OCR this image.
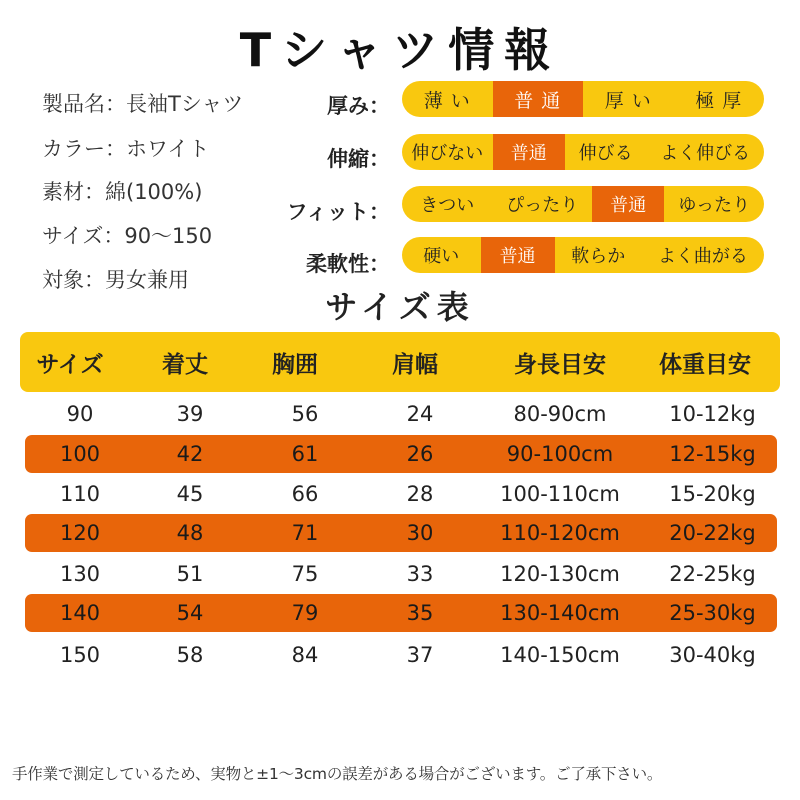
Tシャツ情報
製品名：長袖Tシャツ
カラー：ホワイト
素材：綿(100%)
サイズ：90～150
対象：男女兼用
厚み：	薄 い	普 通	厚 い	極 厚
伸縮：	伸びない	普通	伸びる	よく伸びる
フィット：	きつい	ぴったり	普通	ゆったり
柔軟性：	硬い	普通	軟らか	よく曲がる
サイズ表
サイズ	着丈	胸囲	肩幅	身長目安	体重目安
90	39	56	24	80-90cm	10-12kg
100	42	61	26	90-100cm	12-15kg
110	45	66	28	100-110cm	15-20kg
120	48	71	30	110-120cm	20-22kg
130	51	75	33	120-130cm	22-25kg
140	54	79	35	130-140cm	25-30kg
150	58	84	37	140-150cm	30-40kg
手作業で測定しているため、実物と±1～3cmの誤差がある場合がございます。ご了承下さい。
